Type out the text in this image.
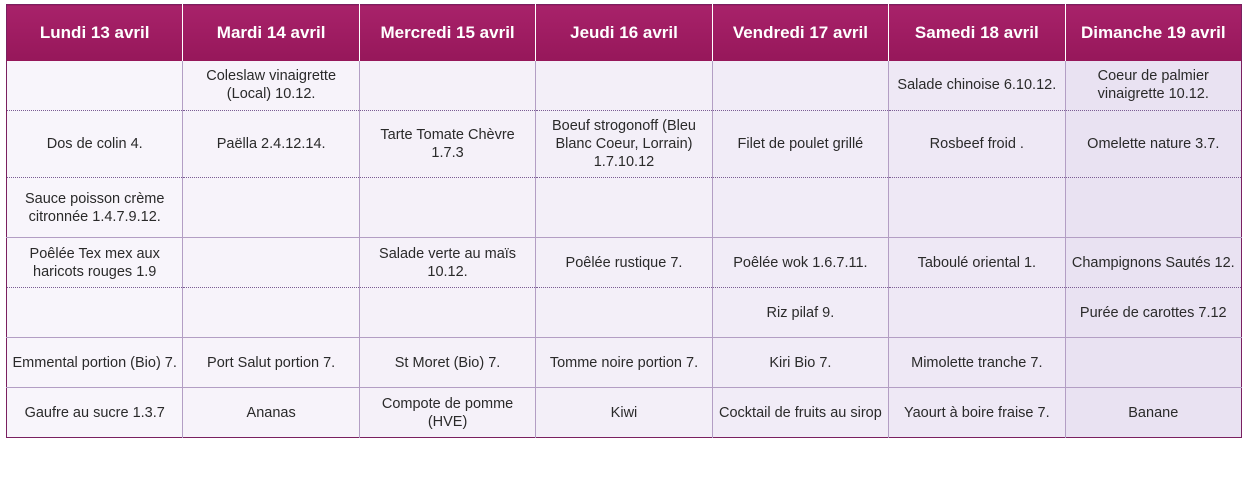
Lundi 13 avril	Mardi 14 avril	Mercredi 15 avril	Jeudi 16 avril	Vendredi 17 avril	Samedi 18 avril	Dimanche 19 avril
	Coleslaw vinaigrette (Local) 10.12.				Salade chinoise 6.10.12.	Coeur de palmier vinaigrette 10.12.
Dos de colin 4.	Paëlla 2.4.12.14.	Tarte Tomate Chèvre 1.7.3	Boeuf strogonoff (Bleu Blanc Coeur, Lorrain) 1.7.10.12	Filet de poulet grillé	Rosbeef froid .	Omelette nature 3.7.
Sauce poisson crème citronnée 1.4.7.9.12.						
Poêlée Tex mex aux haricots rouges 1.9		Salade verte au maïs 10.12.	Poêlée rustique 7.	Poêlée wok 1.6.7.11.	Taboulé oriental 1.	Champignons Sautés 12.
				Riz pilaf 9.		Purée de carottes 7.12
Emmental portion (Bio) 7.	Port Salut portion 7.	St Moret (Bio) 7.	Tomme noire portion 7.	Kiri Bio 7.	Mimolette tranche 7.	
Gaufre au sucre 1.3.7	Ananas	Compote de pomme (HVE)	Kiwi	Cocktail de fruits au sirop	Yaourt à boire fraise 7.	Banane
